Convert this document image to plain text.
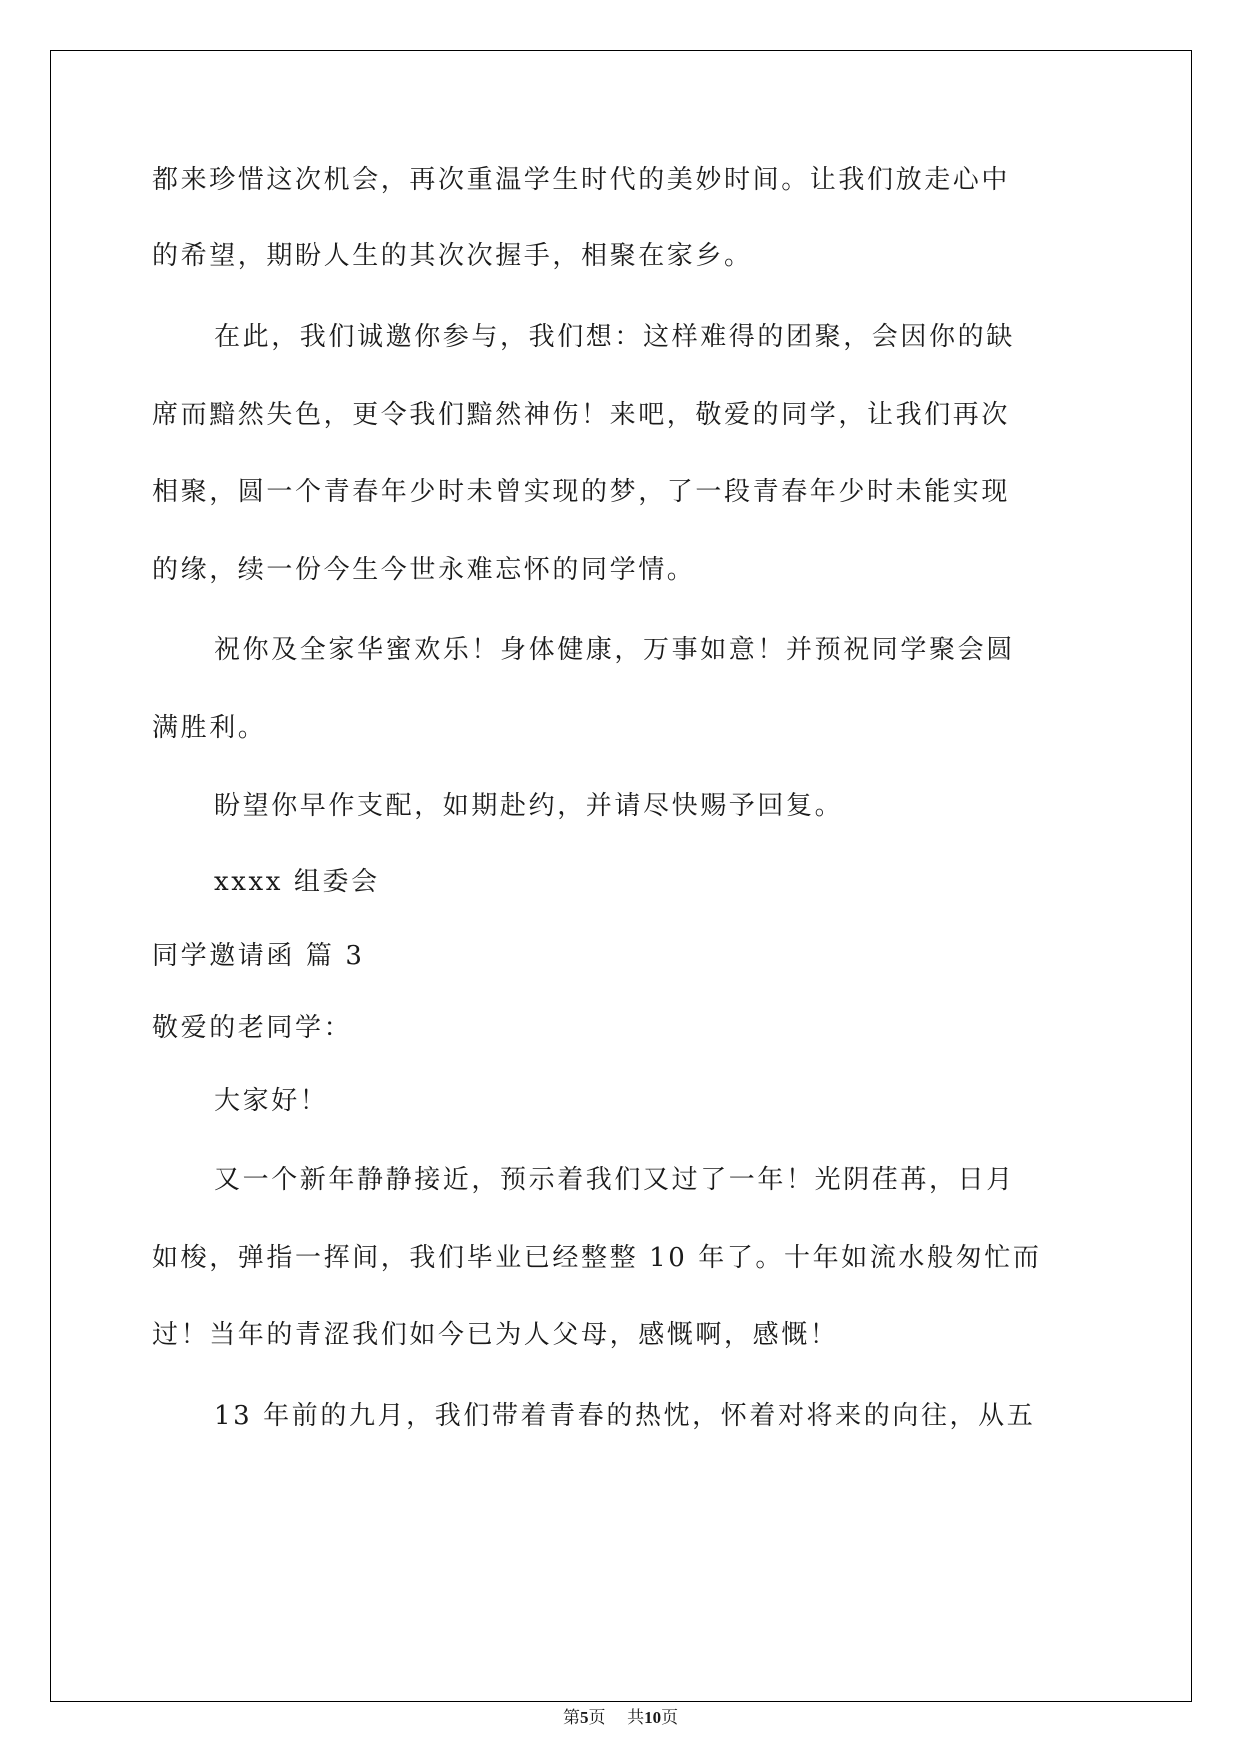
都来珍惜这次机会，再次重温学生时代的美妙时间。让我们放走心中
的希望，期盼人生的其次次握手，相聚在家乡。
在此，我们诚邀你参与，我们想：这样难得的团聚，会因你的缺
席而黯然失色，更令我们黯然神伤！来吧，敬爱的同学，让我们再次
相聚，圆一个青春年少时未曾实现的梦，了一段青春年少时未能实现
的缘，续一份今生今世永难忘怀的同学情。
祝你及全家华蜜欢乐！身体健康，万事如意！并预祝同学聚会圆
满胜利。
盼望你早作支配，如期赴约，并请尽快赐予回复。
xxxx 组委会
同学邀请函 篇 3
敬爱的老同学：
大家好！
又一个新年静静接近，预示着我们又过了一年！光阴荏苒，日月
如梭，弹指一挥间，我们毕业已经整整 10 年了。十年如流水般匆忙而
过！当年的青涩我们如今已为人父母，感慨啊，感慨！
13 年前的九月，我们带着青春的热忱，怀着对将来的向往，从五
第5页 共10页
